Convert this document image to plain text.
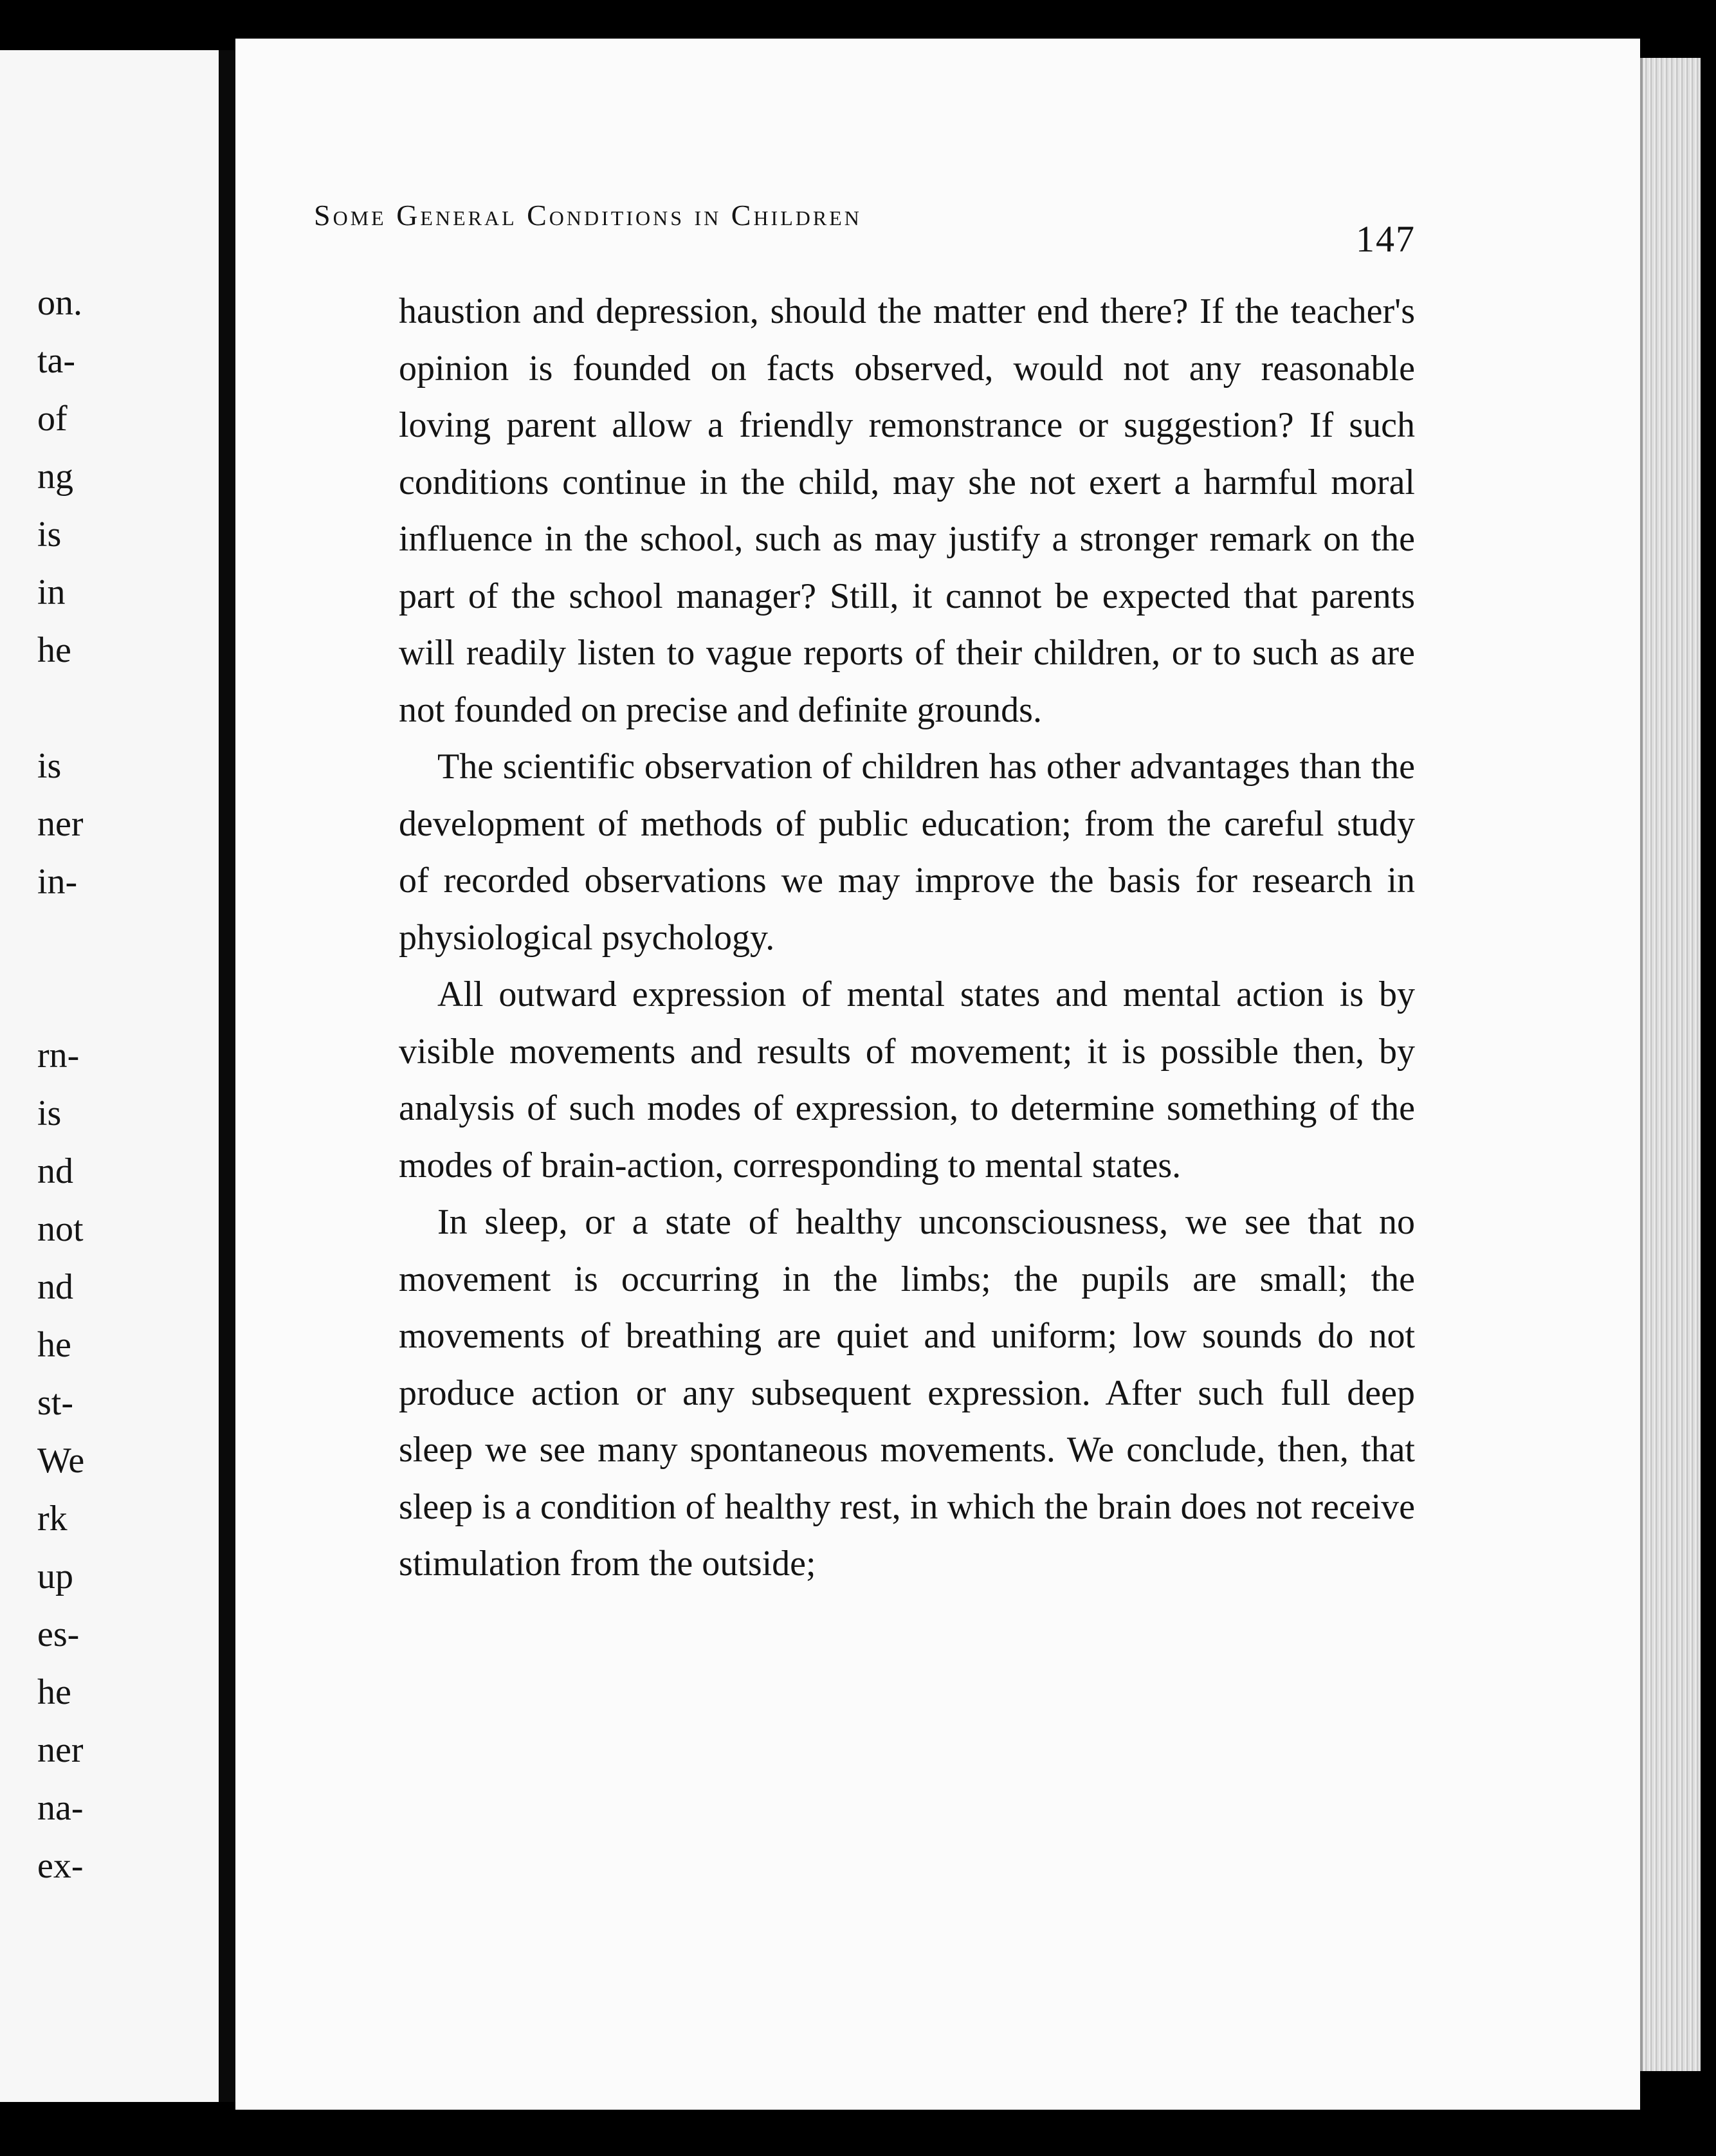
on.
ta-
of
ng
is
in
he
is
ner
in-
rn-
is
nd
not
nd
he
st-
We
rk
up
es-
he
ner
na-
ex-
Some General Conditions in Children
147

haustion and depression, should the matter end there? If the teacher's opinion is founded on facts observed, would not any reasonable loving parent allow a friendly remonstrance or suggestion? If such conditions continue in the child, may she not exert a harmful moral influence in the school, such as may justify a stronger remark on the part of the school manager? Still, it cannot be expected that parents will readily listen to vague reports of their children, or to such as are not founded on precise and definite grounds.

The scientific observation of children has other advantages than the development of methods of public education; from the careful study of recorded observations we may improve the basis for research in physiological psychology.

All outward expression of mental states and mental action is by visible movements and results of movement; it is possible then, by analysis of such modes of expression, to determine something of the modes of brain-action, corresponding to mental states.

In sleep, or a state of healthy unconsciousness, we see that no movement is occurring in the limbs; the pupils are small; the movements of breathing are quiet and uniform; low sounds do not produce action or any subsequent expression. After such full deep sleep we see many spontaneous movements. We conclude, then, that sleep is a condition of healthy rest, in which the brain does not receive stimulation from the outside;
